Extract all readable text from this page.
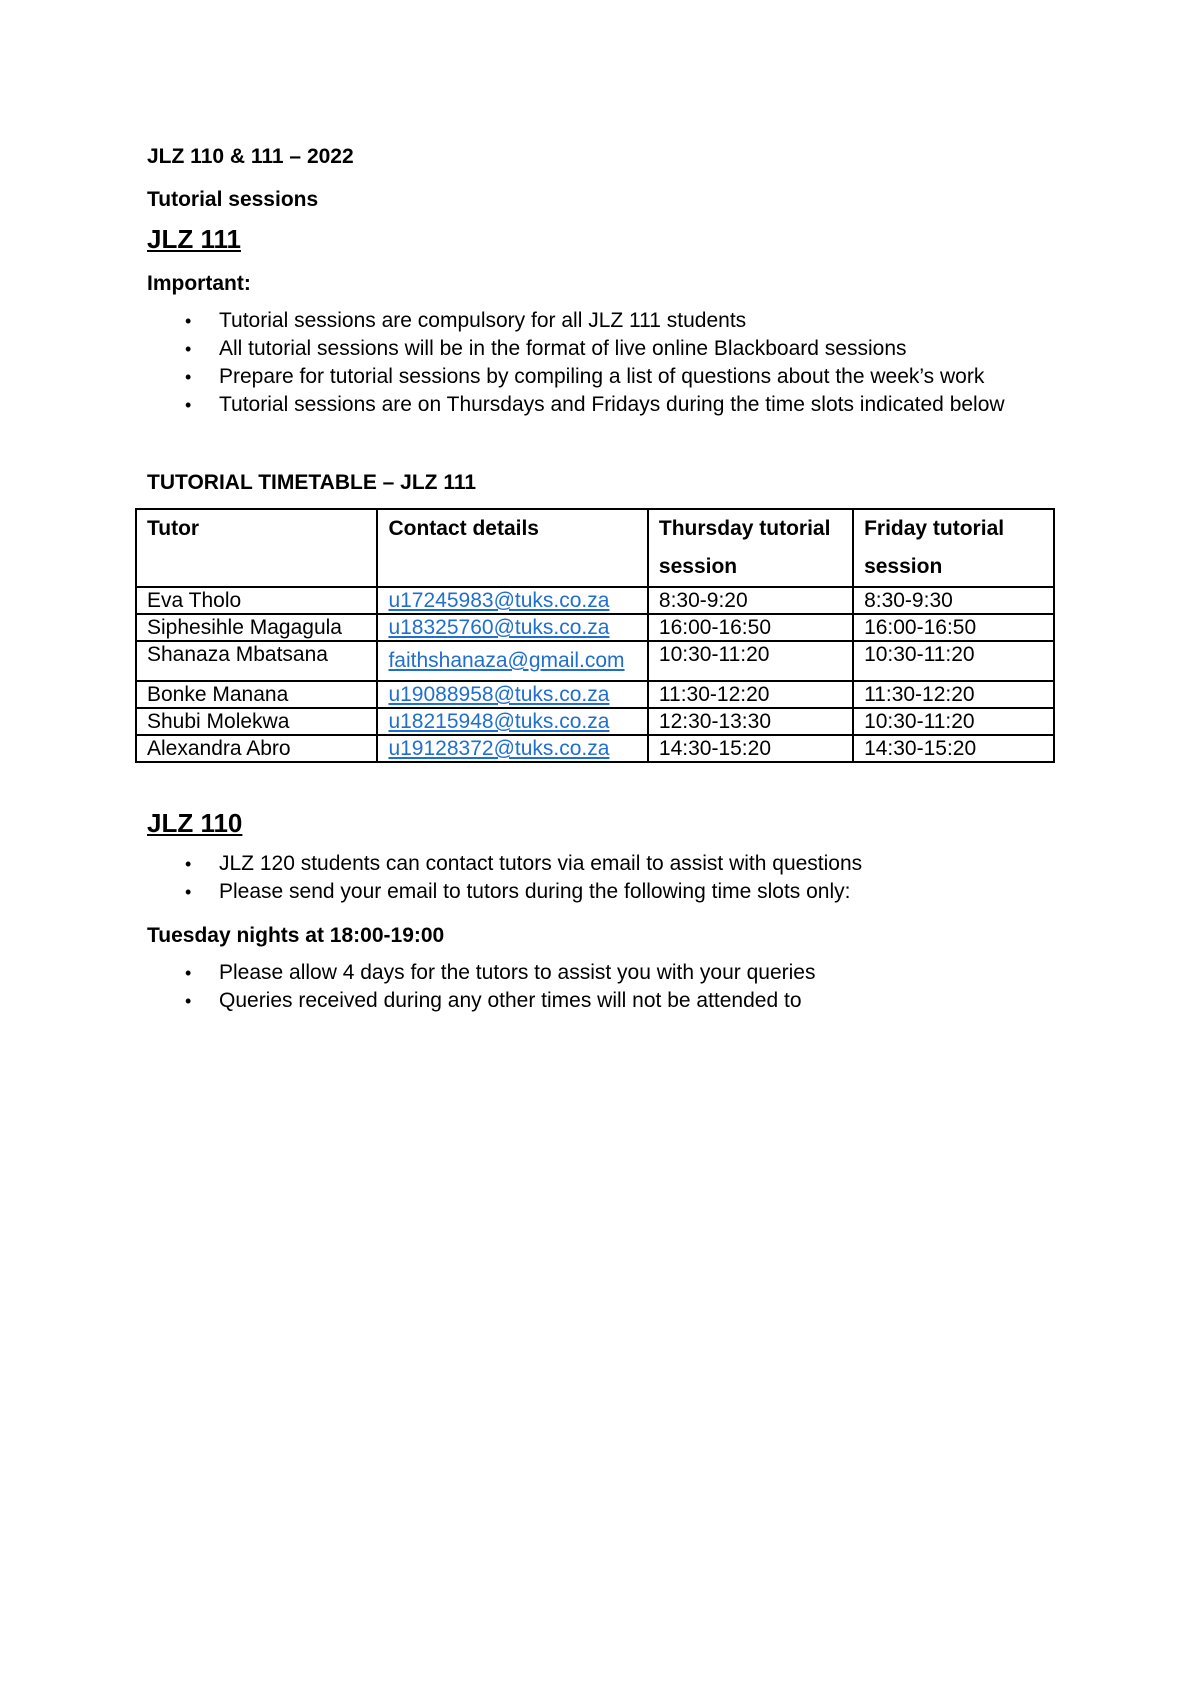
JLZ 110 & 111 – 2022

Tutorial sessions

JLZ 111

Important:

• Tutorial sessions are compulsory for all JLZ 111 students
• All tutorial sessions will be in the format of live online Blackboard sessions
• Prepare for tutorial sessions by compiling a list of questions about the week’s work
• Tutorial sessions are on Thursdays and Fridays during the time slots indicated below

TUTORIAL TIMETABLE – JLZ 111

Tutor	Contact details	Thursday tutorial session	Friday tutorial session
Eva Tholo	u17245983@tuks.co.za	8:30-9:20	8:30-9:30
Siphesihle Magagula	u18325760@tuks.co.za	16:00-16:50	16:00-16:50
Shanaza Mbatsana	faithshanaza@gmail.com	10:30-11:20	10:30-11:20
Bonke Manana	u19088958@tuks.co.za	11:30-12:20	11:30-12:20
Shubi Molekwa	u18215948@tuks.co.za	12:30-13:30	10:30-11:20
Alexandra Abro	u19128372@tuks.co.za	14:30-15:20	14:30-15:20
JLZ 110
• JLZ 120 students can contact tutors via email to assist with questions
• Please send your email to tutors during the following time slots only:

Tuesday nights at 18:00-19:00

• Please allow 4 days for the tutors to assist you with your queries
• Queries received during any other times will not be attended to
